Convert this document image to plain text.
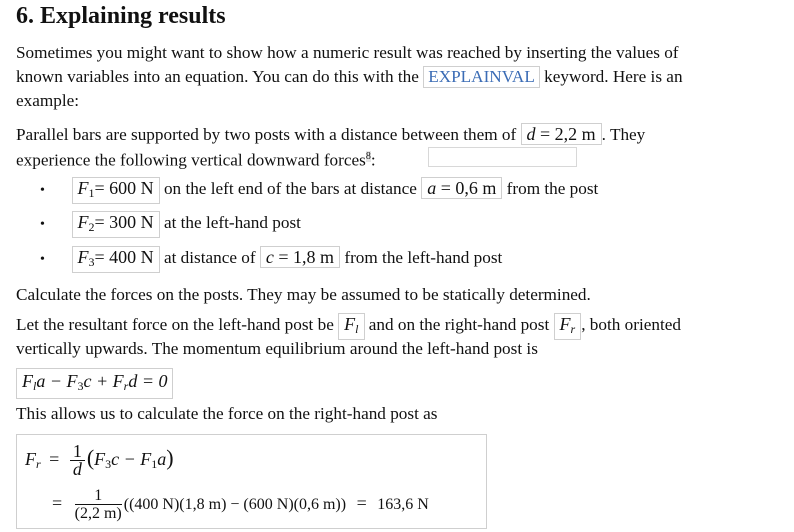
6. Explaining results
Sometimes you might want to show how a numeric result was reached by inserting the values of
known variables into an equation. You can do this with the EXPLAINVAL keyword. Here is an
example:
Parallel bars are supported by two posts with a distance between them of d = 2,2 m . They
experience the following vertical downward forces$^8$:
• $F_1= 600$ N on the left end of the bars at distance a = 0,6 m from the post
• $F_2= 300$ N at the left-hand post
• $F_3= 400$ N at distance of c = 1,8 m from the left-hand post
Calculate the forces on the posts. They may be assumed to be statically determined.
Let the resultant force on the left-hand post be $F_l$ and on the right-hand post $F_r$ , both oriented
vertically upwards. The momentum equilibrium around the left-hand post is
$F_la - F_3c + F_rd = 0$
This allows us to calculate the force on the right-hand post as
$F_r = \frac{1}{d} (F_3c - F_1a)$
= $\frac{1}{(2,2 m)} ((400$ N)(1,8 m) − (600 N)(0,6 m)) = 163,6 N
